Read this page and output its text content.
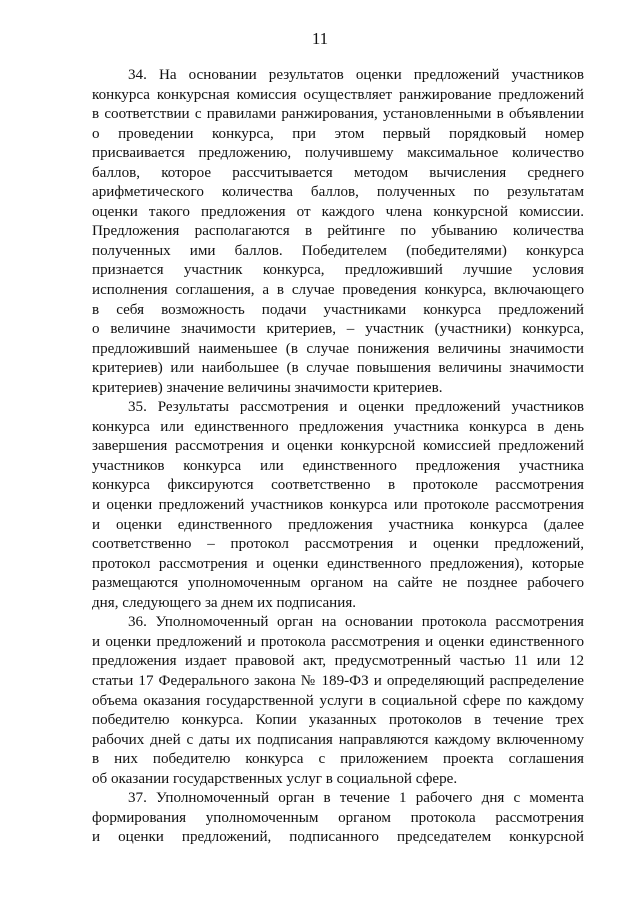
11
34. На основании результатов оценки предложений участников
конкурса конкурсная комиссия осуществляет ранжирование предложений
в соответствии с правилами ранжирования, установленными в объявлении
о проведении конкурса, при этом первый порядковый номер
присваивается предложению, получившему максимальное количество
баллов, которое рассчитывается методом вычисления среднего
арифметического количества баллов, полученных по результатам
оценки такого предложения от каждого члена конкурсной комиссии.
Предложения располагаются в рейтинге по убыванию количества
полученных ими баллов. Победителем (победителями) конкурса
признается участник конкурса, предложивший лучшие условия
исполнения соглашения, а в случае проведения конкурса, включающего
в себя возможность подачи участниками конкурса предложений
о величине значимости критериев, – участник (участники) конкурса,
предложивший наименьшее (в случае понижения величины значимости
критериев) или наибольшее (в случае повышения величины значимости
критериев) значение величины значимости критериев.
35. Результаты рассмотрения и оценки предложений участников
конкурса или единственного предложения участника конкурса в день
завершения рассмотрения и оценки конкурсной комиссией предложений
участников конкурса или единственного предложения участника
конкурса фиксируются соответственно в протоколе рассмотрения
и оценки предложений участников конкурса или протоколе рассмотрения
и оценки единственного предложения участника конкурса (далее
соответственно – протокол рассмотрения и оценки предложений,
протокол рассмотрения и оценки единственного предложения), которые
размещаются уполномоченным органом на сайте не позднее рабочего
дня, следующего за днем их подписания.
36. Уполномоченный орган на основании протокола рассмотрения
и оценки предложений и протокола рассмотрения и оценки единственного
предложения издает правовой акт, предусмотренный частью 11 или 12
статьи 17 Федерального закона № 189-ФЗ и определяющий распределение
объема оказания государственной услуги в социальной сфере по каждому
победителю конкурса. Копии указанных протоколов в течение трех
рабочих дней с даты их подписания направляются каждому включенному
в них победителю конкурса с приложением проекта соглашения
об оказании государственных услуг в социальной сфере.
37. Уполномоченный орган в течение 1 рабочего дня с момента
формирования уполномоченным органом протокола рассмотрения
и оценки предложений, подписанного председателем конкурсной
